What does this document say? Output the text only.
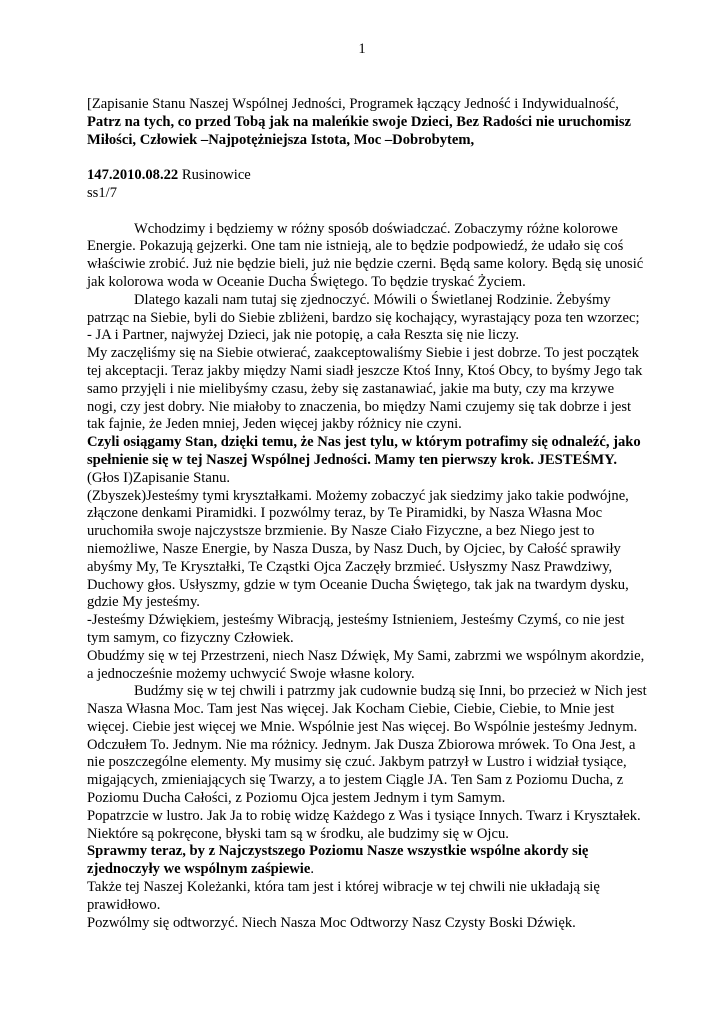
1

[Zapisanie Stanu Naszej Wspólnej Jedności, Programek łączący Jedność i Indywidualność, Patrz na tych, co przed Tobą jak na maleńkie swoje Dzieci, Bez Radości nie uruchomisz Miłości, Człowiek –Najpotężniejsza Istota, Moc –Dobrobytem,

147.2010.08.22 Rusinowice

ss1/7

Wchodzimy i będziemy w różny sposób doświadczać. Zobaczymy różne kolorowe Energie. Pokazują gejzerki. One tam nie istnieją, ale to będzie podpowiedź, że udało się coś właściwie zrobić. Już nie będzie bieli, już nie będzie czerni. Będą same kolory. Będą się unosić jak kolorowa woda w Oceanie Ducha Świętego. To będzie tryskać Życiem.

Dlatego kazali nam tutaj się zjednoczyć. Mówili o Świetlanej Rodzinie. Żebyśmy patrząc na Siebie, byli do Siebie zbliżeni, bardzo się kochający, wyrastający poza ten wzorzec; - JA i Partner, najwyżej Dzieci, jak nie potopię, a cała Reszta się nie liczy.

My zaczęliśmy się na Siebie otwierać, zaakceptowaliśmy Siebie i jest dobrze. To jest początek tej akceptacji. Teraz jakby między Nami siadł jeszcze Ktoś Inny, Ktoś Obcy, to byśmy Jego tak samo przyjęli i nie mielibyśmy czasu, żeby się zastanawiać, jakie ma buty, czy ma krzywe nogi, czy jest dobry. Nie miałoby to znaczenia, bo między Nami czujemy się tak dobrze i jest tak fajnie, że Jeden mniej, Jeden więcej jakby różnicy nie czyni.

Czyli osiągamy Stan, dzięki temu, że Nas jest tylu, w którym potrafimy się odnaleźć, jako spełnienie się w tej Naszej Wspólnej Jedności. Mamy ten pierwszy krok. JESTEŚMY.

(Głos I)Zapisanie Stanu.

(Zbyszek)Jesteśmy tymi kryształkami. Możemy zobaczyć jak siedzimy jako takie podwójne, złączone denkami Piramidki. I pozwólmy teraz, by Te Piramidki, by Nasza Własna Moc uruchomiła swoje najczystsze brzmienie. By Nasze Ciało Fizyczne, a bez Niego jest to niemożliwe, Nasze Energie, by Nasza Dusza, by Nasz Duch, by Ojciec, by Całość sprawiły abyśmy My, Te Kryształki, Te Cząstki Ojca Zaczęły brzmieć. Usłyszmy Nasz Prawdziwy, Duchowy głos. Usłyszmy, gdzie w tym Oceanie Ducha Świętego, tak jak na twardym dysku, gdzie My jesteśmy.

-Jesteśmy Dźwiękiem, jesteśmy Wibracją, jesteśmy Istnieniem, Jesteśmy Czymś, co nie jest tym samym, co fizyczny Człowiek.

Obudźmy się w tej Przestrzeni, niech Nasz Dźwięk, My Sami, zabrzmi we wspólnym akordzie, a jednocześnie możemy uchwycić Swoje własne kolory.

Budźmy się w tej chwili i patrzmy jak cudownie budzą się Inni, bo przecież w Nich jest Nasza Własna Moc. Tam jest Nas więcej. Jak Kocham Ciebie, Ciebie, Ciebie, to Mnie jest więcej. Ciebie jest więcej we Mnie. Wspólnie jest Nas więcej. Bo Wspólnie jesteśmy Jednym.

Odczułem To. Jednym. Nie ma różnicy. Jednym. Jak Dusza Zbiorowa mrówek. To Ona Jest, a nie poszczególne elementy. My musimy się czuć. Jakbym patrzył w Lustro i widział tysiące, migających, zmieniających się Twarzy, a to jestem Ciągle JA. Ten Sam z Poziomu Ducha, z Poziomu Ducha Całości, z Poziomu Ojca jestem Jednym i tym Samym.

Popatrzcie w lustro. Jak Ja to robię widzę Każdego z Was i tysiące Innych. Twarz i Kryształek. Niektóre są pokręcone, błyski tam są w środku, ale budzimy się w Ojcu.

Sprawmy teraz, by z Najczystszego Poziomu Nasze wszystkie wspólne akordy się zjednoczyły we wspólnym zaśpiewie.

Także tej Naszej Koleżanki, która tam jest i której wibracje w tej chwili nie układają się prawidłowo.

Pozwólmy się odtworzyć. Niech Nasza Moc Odtworzy Nasz Czysty Boski Dźwięk.
